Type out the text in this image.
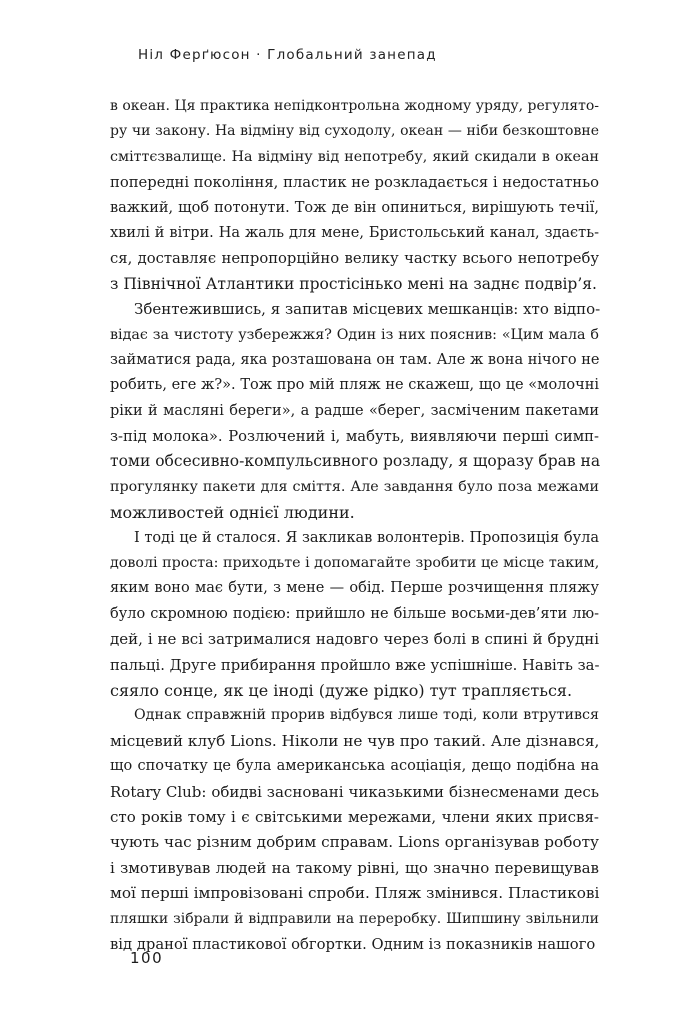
Ніл Ферґюсон · Глобальний занепад
в океан. Ця практика непідконтрольна жодному уряду, регулято-
ру чи закону. На відміну від суходолу, океан — ніби безкоштовне
сміттєзвалище. На відміну від непотребу, який скидали в океан
попередні покоління, пластик не розкладається і недостатньо
важкий, щоб потонути. Тож де він опиниться, вирішують течії,
хвилі й вітри. На жаль для мене, Бристольський канал, здаєть-
ся, доставляє непропорційно велику частку всього непотребу
з Північної Атлантики простісінько мені на заднє подвір’я.
Збентежившись, я запитав місцевих мешканців: хто відпо-
відає за чистоту узбережжя? Один із них пояснив: «Цим мала б
займатися рада, яка розташована он там. Але ж вона нічого не
робить, еге ж?». Тож про мій пляж не скажеш, що це «молочні
ріки й масляні береги», а радше «берег, засміченим пакетами
з-під молока». Розлючений і, мабуть, виявляючи перші симп-
томи обсесивно-компульсивного розладу, я щоразу брав на
прогулянку пакети для сміття. Але завдання було поза межами
можливостей однієї людини.
І тоді це й сталося. Я закликав волонтерів. Пропозиція була
доволі проста: приходьте і допомагайте зробити це місце таким,
яким воно має бути, з мене — обід. Перше розчищення пляжу
було скромною подією: прийшло не більше восьми-дев’яти лю-
дей, і не всі затрималися надовго через болі в спині й брудні
пальці. Друге прибирання пройшло вже успішніше. Навіть за-
сяяло сонце, як це іноді (дуже рідко) тут трапляється.
Однак справжній прорив відбувся лише тоді, коли втрутився
місцевий клуб Lions. Ніколи не чув про такий. Але дізнався,
що спочатку це була американська асоціація, дещо подібна на
Rotary Club: обидві засновані чиказькими бізнесменами десь
сто років тому і є світськими мережами, члени яких присвя-
чують час різним добрим справам. Lions організував роботу
і змотивував людей на такому рівні, що значно перевищував
мої перші імпровізовані спроби. Пляж змінився. Пластикові
пляшки зібрали й відправили на переробку. Шипшину звільнили
від драної пластикової обгортки. Одним із показників нашого
100
